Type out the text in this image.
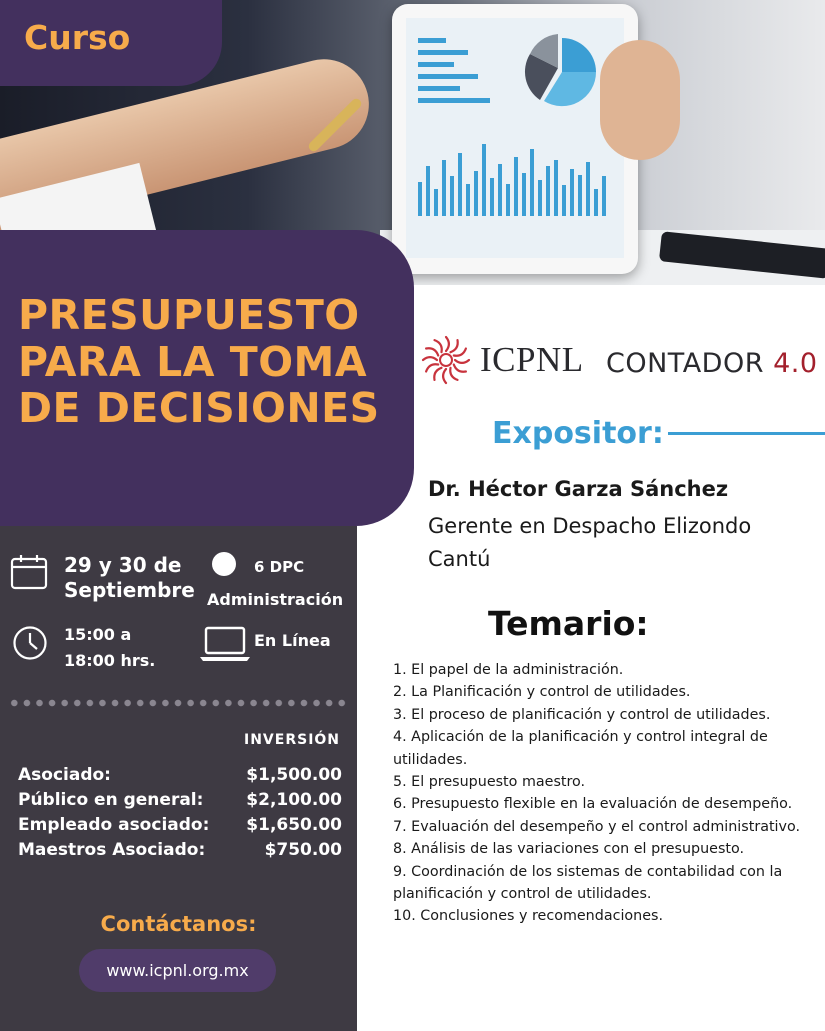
Curso
PRESUPUESTO
PARA LA TOMA
DE DECISIONES
29 y 30 de
Septiembre
6 DPC
Administración
15:00 a
18:00 hrs.
En Línea
INVERSIÓN
Asociado:	$1,500.00
Público en general:	$2,100.00
Empleado asociado: $1,650.00
Maestros Asociado:	$750.00
Contáctanos:
www.icpnl.org.mx
ICPNL CONTADOR 4.0
Expositor:
Dr. Héctor Garza Sánchez

Gerente en Despacho Elizondo
Cantú

Temario:
1. El papel de la administración.
2. La Planificación y control de utilidades.
3. El proceso de planificación y control de utilidades.
4. Aplicación de la planificación y control integral de
utilidades.
5. El presupuesto maestro.
6. Presupuesto flexible en la evaluación de desempeño.
7. Evaluación del desempeño y el control administrativo.
8. Análisis de las variaciones con el presupuesto.
9. Coordinación de los sistemas de contabilidad con la
planificación y control de utilidades.
10. Conclusiones y recomendaciones.
